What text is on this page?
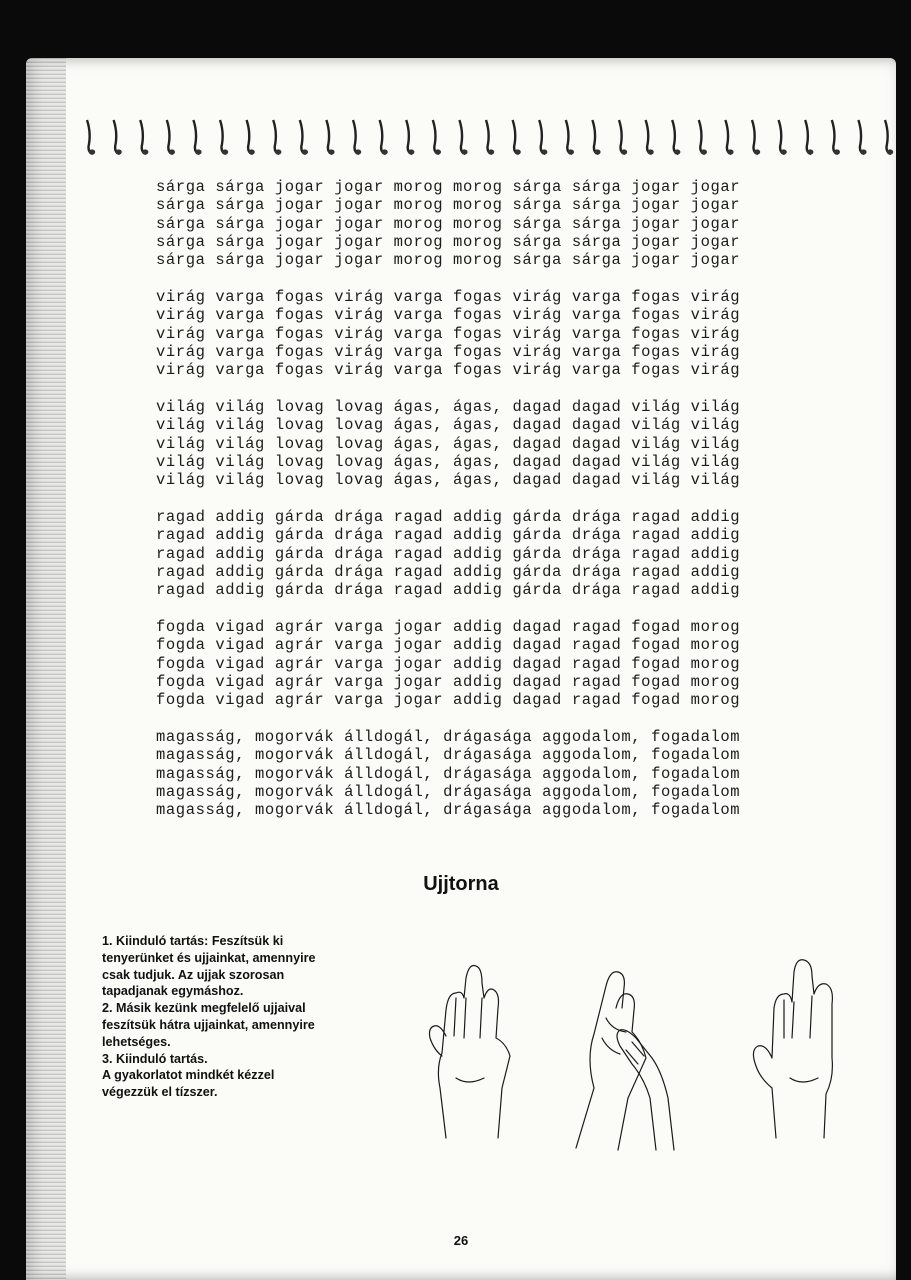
sárga sárga jogar jogar morog morog sárga sárga jogar jogar
sárga sárga jogar jogar morog morog sárga sárga jogar jogar
sárga sárga jogar jogar morog morog sárga sárga jogar jogar
sárga sárga jogar jogar morog morog sárga sárga jogar jogar
sárga sárga jogar jogar morog morog sárga sárga jogar jogar
virág varga fogas virág varga fogas virág varga fogas virág
virág varga fogas virág varga fogas virág varga fogas virág
virág varga fogas virág varga fogas virág varga fogas virág
virág varga fogas virág varga fogas virág varga fogas virág
virág varga fogas virág varga fogas virág varga fogas virág
világ világ lovag lovag ágas, ágas, dagad dagad világ világ
világ világ lovag lovag ágas, ágas, dagad dagad világ világ
világ világ lovag lovag ágas, ágas, dagad dagad világ világ
világ világ lovag lovag ágas, ágas, dagad dagad világ világ
világ világ lovag lovag ágas, ágas, dagad dagad világ világ
ragad addig gárda drága ragad addig gárda drága ragad addig
ragad addig gárda drága ragad addig gárda drága ragad addig
ragad addig gárda drága ragad addig gárda drága ragad addig
ragad addig gárda drága ragad addig gárda drága ragad addig
ragad addig gárda drága ragad addig gárda drága ragad addig
fogda vigad agrár varga jogar addig dagad ragad fogad morog
fogda vigad agrár varga jogar addig dagad ragad fogad morog
fogda vigad agrár varga jogar addig dagad ragad fogad morog
fogda vigad agrár varga jogar addig dagad ragad fogad morog
fogda vigad agrár varga jogar addig dagad ragad fogad morog
magasság, mogorvák álldogál, drágasága aggodalom, fogadalom
magasság, mogorvák álldogál, drágasága aggodalom, fogadalom
magasság, mogorvák álldogál, drágasága aggodalom, fogadalom
magasság, mogorvák álldogál, drágasága aggodalom, fogadalom
magasság, mogorvák álldogál, drágasága aggodalom, fogadalom
Ujjtorna

1. Kiinduló tartás: Feszítsük ki tenyerünket és ujjainkat, amennyire csak tudjuk. Az ujjak szorosan tapadjanak egymáshoz.

2. Másik kezünk megfelelő ujjaival feszítsük hátra ujjainkat, amennyire lehetséges.

3. Kiinduló tartás.

A gyakorlatot mindkét kézzel végezzük el tízszer.

26
